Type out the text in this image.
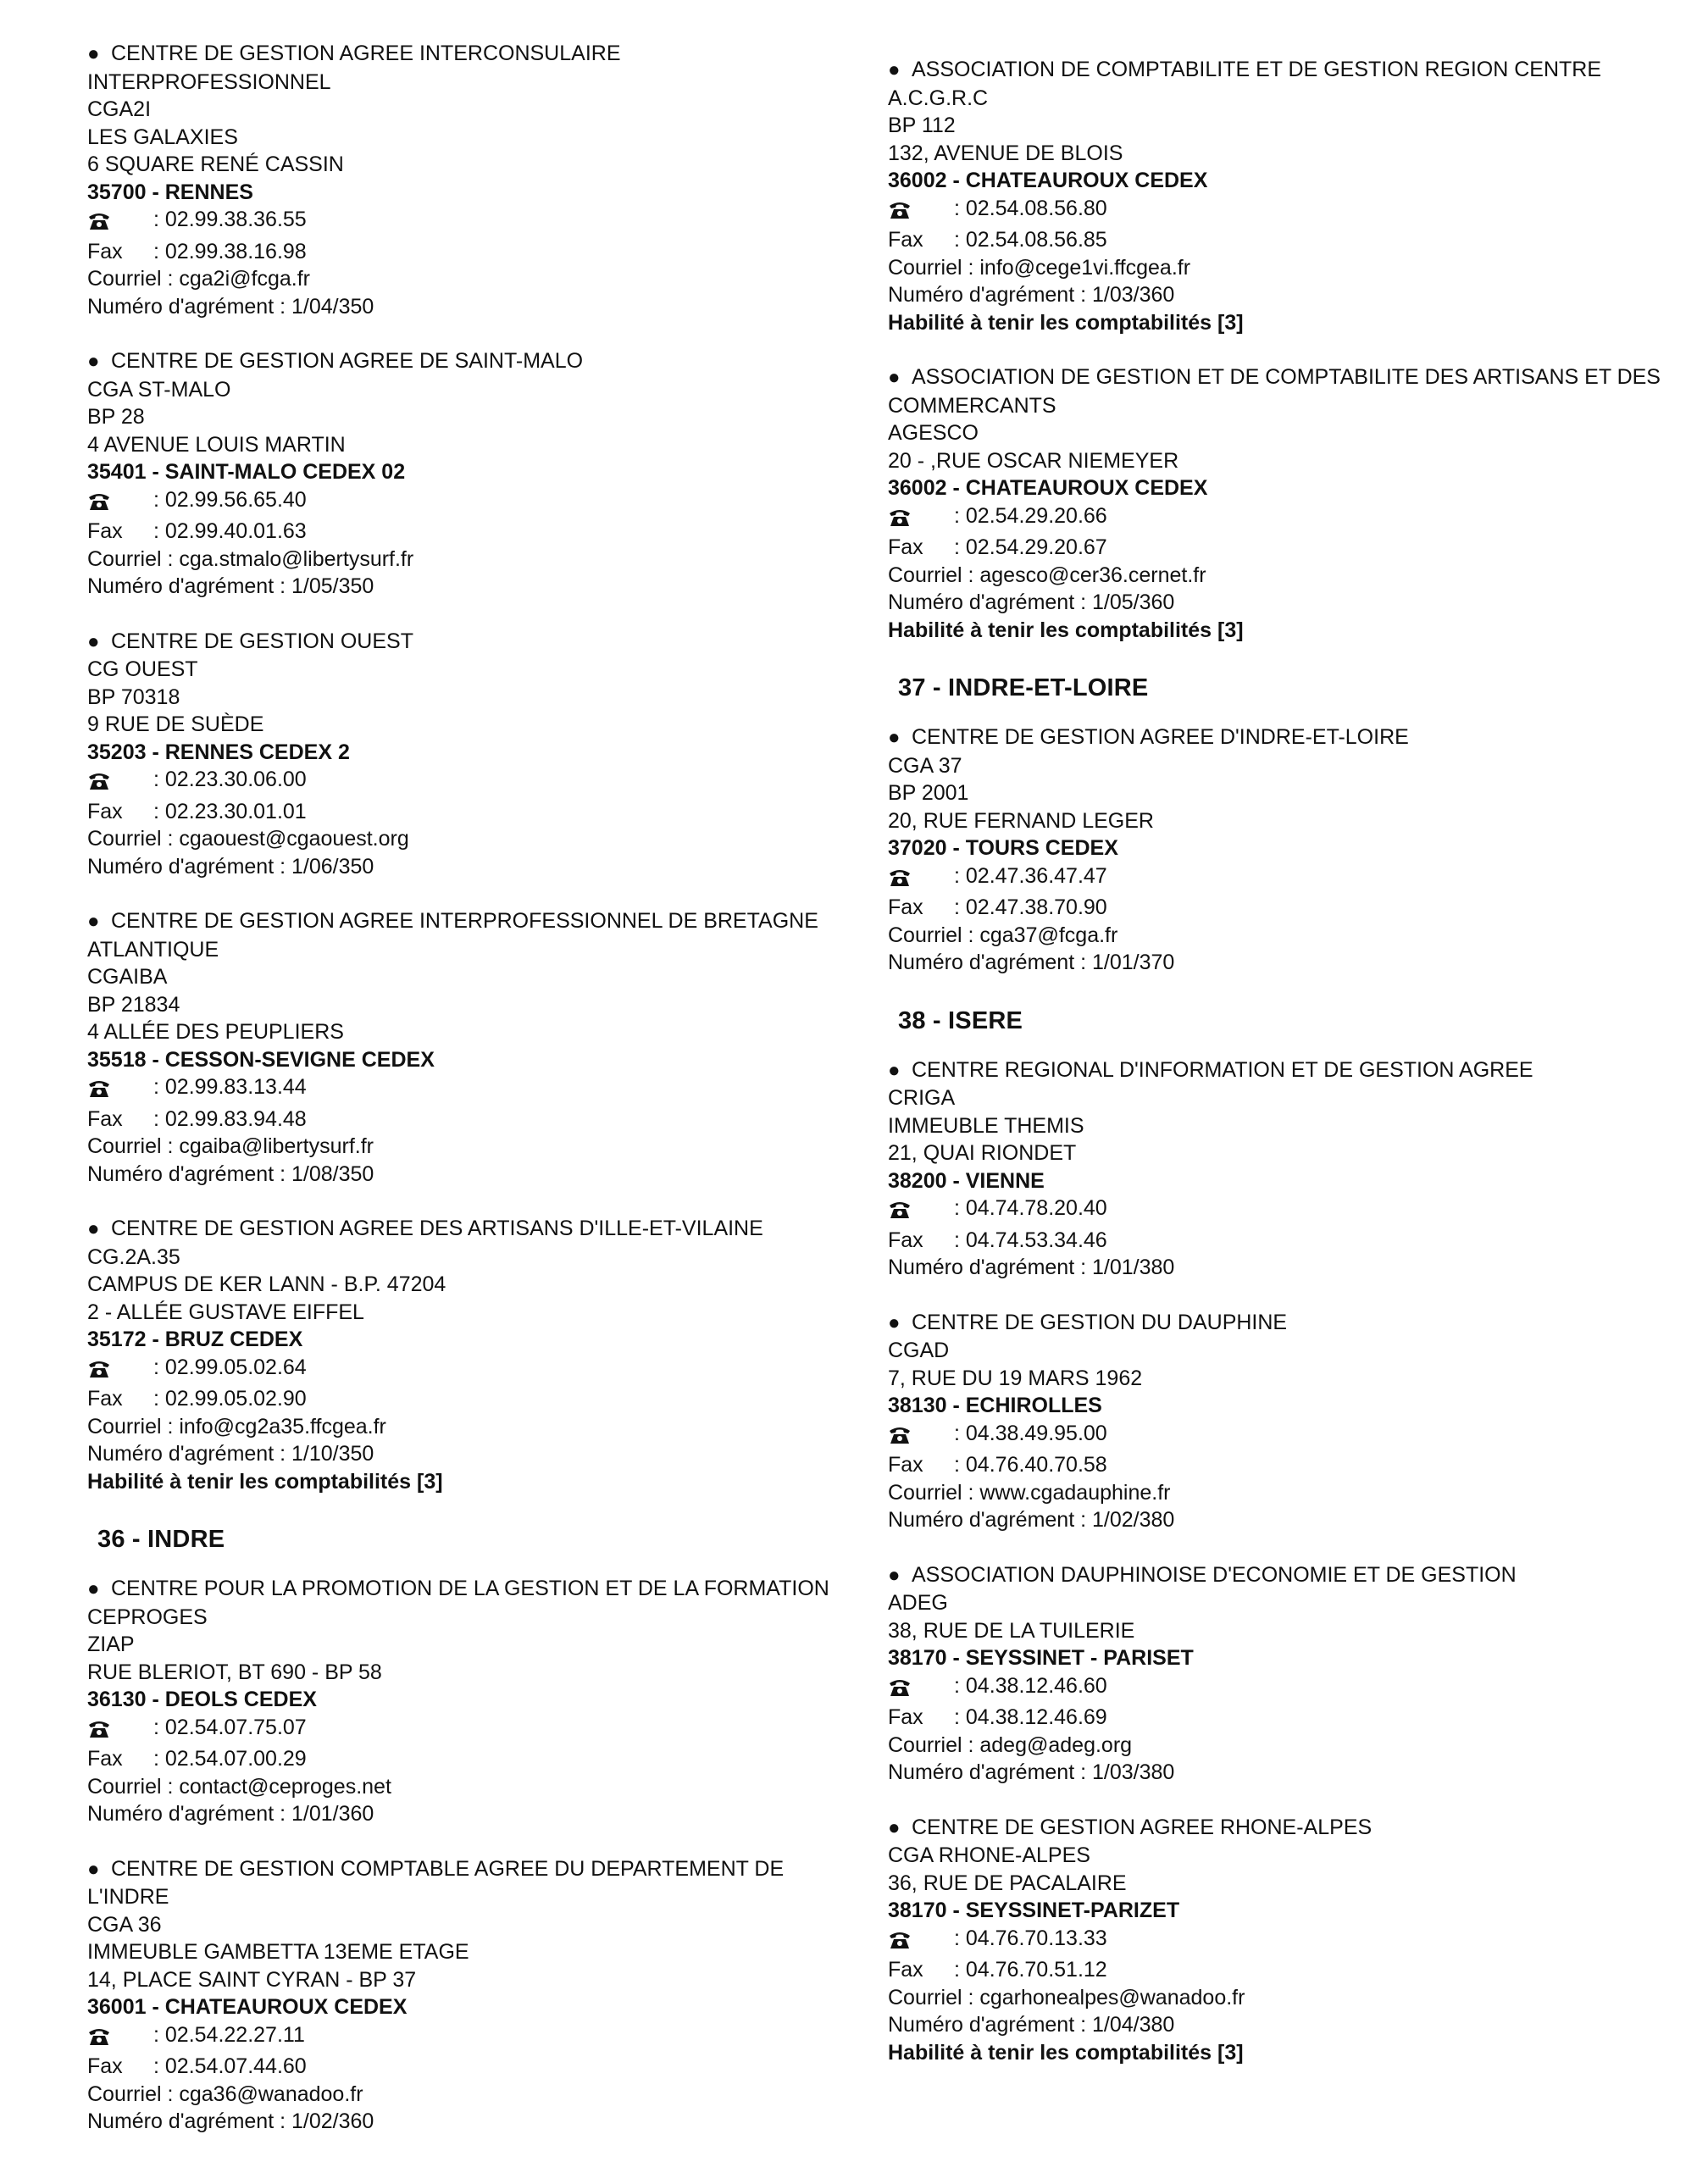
● CENTRE DE GESTION AGREE INTERCONSULAIRE INTERPROFESSIONNEL
CGA2I
LES GALAXIES
6 SQUARE RENÉ CASSIN
35700 - RENNES
: 02.99.38.36.55
Fax	: 02.99.38.16.98
Courriel : cga2i@fcga.fr
Numéro d'agrément : 1/04/350
● CENTRE DE GESTION AGREE DE SAINT-MALO
CGA ST-MALO
BP 28
4 AVENUE LOUIS MARTIN
35401 - SAINT-MALO CEDEX 02
: 02.99.56.65.40
Fax	: 02.99.40.01.63
Courriel : cga.stmalo@libertysurf.fr
Numéro d'agrément : 1/05/350
● CENTRE DE GESTION OUEST
CG OUEST
BP 70318
9 RUE DE SUÈDE
35203 - RENNES CEDEX 2
: 02.23.30.06.00
Fax	: 02.23.30.01.01
Courriel : cgaouest@cgaouest.org
Numéro d'agrément : 1/06/350
● CENTRE DE GESTION AGREE INTERPROFESSIONNEL DE BRETAGNE ATLANTIQUE
CGAIBA
BP 21834
4 ALLÉE DES PEUPLIERS
35518 - CESSON-SEVIGNE CEDEX
: 02.99.83.13.44
Fax	: 02.99.83.94.48
Courriel : cgaiba@libertysurf.fr
Numéro d'agrément : 1/08/350
● CENTRE DE GESTION AGREE DES ARTISANS D'ILLE-ET-VILAINE
CG.2A.35
CAMPUS DE KER LANN - B.P. 47204
2 - ALLÉE GUSTAVE EIFFEL
35172 - BRUZ CEDEX
: 02.99.05.02.64
Fax	: 02.99.05.02.90
Courriel : info@cg2a35.ffcgea.fr
Numéro d'agrément : 1/10/350
Habilité à tenir les comptabilités [3]
36 - INDRE
● CENTRE POUR LA PROMOTION DE LA GESTION ET DE LA FORMATION
CEPROGES
ZIAP
RUE BLERIOT, BT 690 - BP 58
36130 - DEOLS CEDEX
: 02.54.07.75.07
Fax	: 02.54.07.00.29
Courriel : contact@ceproges.net
Numéro d'agrément : 1/01/360
● CENTRE DE GESTION COMPTABLE AGREE DU DEPARTEMENT DE L'INDRE
CGA 36
IMMEUBLE GAMBETTA 13EME ETAGE
14, PLACE SAINT CYRAN - BP 37
36001 - CHATEAUROUX CEDEX
: 02.54.22.27.11
Fax	: 02.54.07.44.60
Courriel : cga36@wanadoo.fr
Numéro d'agrément : 1/02/360
● ASSOCIATION DE COMPTABILITE ET DE GESTION REGION CENTRE
A.C.G.R.C
BP 112
132, AVENUE DE BLOIS
36002 - CHATEAUROUX CEDEX
: 02.54.08.56.80
Fax	: 02.54.08.56.85
Courriel : info@cege1vi.ffcgea.fr
Numéro d'agrément : 1/03/360
Habilité à tenir les comptabilités [3]
● ASSOCIATION DE GESTION ET DE COMPTABILITE DES ARTISANS ET DES COMMERCANTS
AGESCO
20 - ,RUE OSCAR NIEMEYER
36002 - CHATEAUROUX CEDEX
: 02.54.29.20.66
Fax	: 02.54.29.20.67
Courriel : agesco@cer36.cernet.fr
Numéro d'agrément : 1/05/360
Habilité à tenir les comptabilités [3]
37 - INDRE-ET-LOIRE
● CENTRE DE GESTION AGREE D'INDRE-ET-LOIRE
CGA 37
BP 2001
20, RUE FERNAND LEGER
37020 - TOURS CEDEX
: 02.47.36.47.47
Fax	: 02.47.38.70.90
Courriel : cga37@fcga.fr
Numéro d'agrément : 1/01/370
38 - ISERE
● CENTRE REGIONAL D'INFORMATION ET DE GESTION AGREE
CRIGA
IMMEUBLE THEMIS
21, QUAI RIONDET
38200 - VIENNE
: 04.74.78.20.40
Fax	: 04.74.53.34.46
Numéro d'agrément : 1/01/380
● CENTRE DE GESTION DU DAUPHINE
CGAD
7, RUE DU 19 MARS 1962
38130 - ECHIROLLES
: 04.38.49.95.00
Fax	: 04.76.40.70.58
Courriel : www.cgadauphine.fr
Numéro d'agrément : 1/02/380
● ASSOCIATION DAUPHINOISE D'ECONOMIE ET DE GESTION
ADEG
38, RUE DE LA TUILERIE
38170 - SEYSSINET - PARISET
: 04.38.12.46.60
Fax	: 04.38.12.46.69
Courriel : adeg@adeg.org
Numéro d'agrément : 1/03/380
● CENTRE DE GESTION AGREE RHONE-ALPES
CGA RHONE-ALPES
36, RUE DE PACALAIRE
38170 - SEYSSINET-PARIZET
: 04.76.70.13.33
Fax	: 04.76.70.51.12
Courriel : cgarhonealpes@wanadoo.fr
Numéro d'agrément : 1/04/380
Habilité à tenir les comptabilités [3]
